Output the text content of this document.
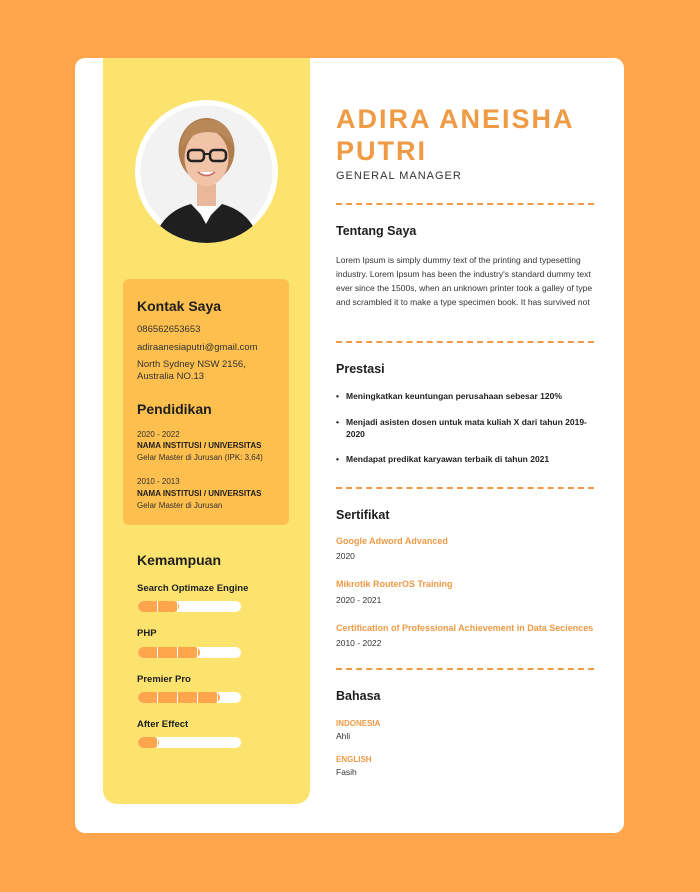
Kontak Saya
086562653653
adiraanesiaputri@gmail.com
North Sydney NSW 2156, Australia NO.13
Pendidikan
2020 - 2022
NAMA INSTITUSI / UNIVERSITAS
Gelar Master di Jurusan (IPK: 3,64)
2010 - 2013
NAMA INSTITUSI / UNIVERSITAS
Gelar Master di Jurusan
Kemampuan
Search Optimaze Engine
PHP
Premier Pro
After Effect
ADIRA ANEISHA PUTRI
GENERAL MANAGER
Tentang Saya
Lorem Ipsum is simply dummy text of the printing and typesetting industry. Lorem Ipsum has been the industry's standard dummy text ever since the 1500s, when an unknown printer took a galley of type and scrambled it to make a type specimen book. It has survived not
Prestasi
• Meningkatkan keuntungan perusahaan sebesar 120%
• Menjadi asisten dosen untuk mata kuliah X dari tahun 2019-2020
• Mendapat predikat karyawan terbaik di tahun 2021
Sertifikat
Google Adword Advanced
2020
Mikrotik RouterOS Training
2020 - 2021
Certification of Professional Achievement in Data Seciences
2010 - 2022
Bahasa
INDONESIA
Ahli
ENGLISH
Fasih
